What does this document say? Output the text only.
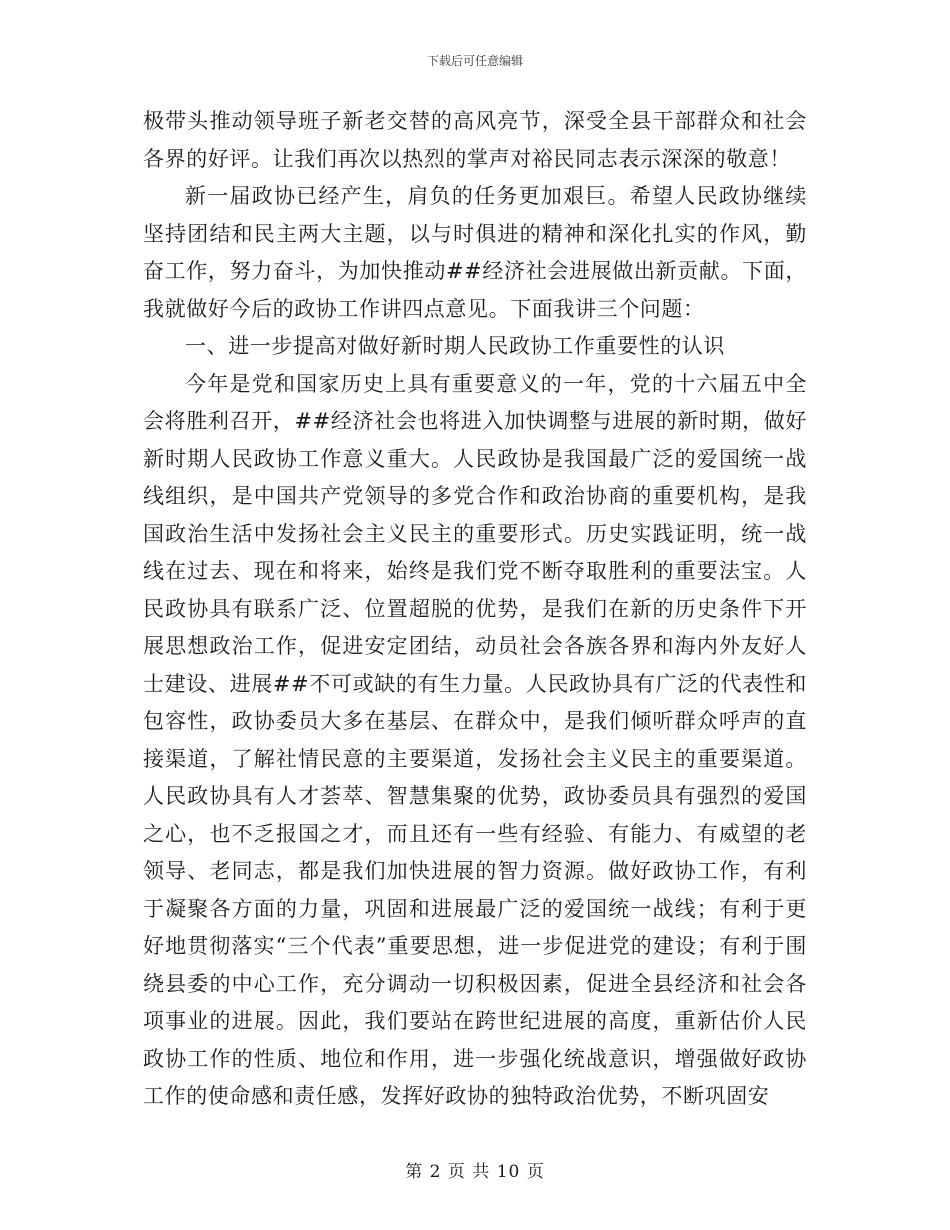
下载后可任意编辑

极带头推动领导班子新老交替的高风亮节，深受全县干部群众和社会各界的好评。让我们再次以热烈的掌声对裕民同志表示深深的敬意！

新一届政协已经产生，肩负的任务更加艰巨。希望人民政协继续坚持团结和民主两大主题，以与时俱进的精神和深化扎实的作风，勤奋工作，努力奋斗，为加快推动##经济社会进展做出新贡献。下面，我就做好今后的政协工作讲四点意见。下面我讲三个问题：

一、进一步提高对做好新时期人民政协工作重要性的认识

今年是党和国家历史上具有重要意义的一年，党的十六届五中全会将胜利召开，##经济社会也将进入加快调整与进展的新时期，做好新时期人民政协工作意义重大。人民政协是我国最广泛的爱国统一战线组织，是中国共产党领导的多党合作和政治协商的重要机构，是我国政治生活中发扬社会主义民主的重要形式。历史实践证明，统一战线在过去、现在和将来，始终是我们党不断夺取胜利的重要法宝。人民政协具有联系广泛、位置超脱的优势，是我们在新的历史条件下开展思想政治工作，促进安定团结，动员社会各族各界和海内外友好人士建设、进展##不可或缺的有生力量。人民政协具有广泛的代表性和包容性，政协委员大多在基层、在群众中，是我们倾听群众呼声的直接渠道，了解社情民意的主要渠道，发扬社会主义民主的重要渠道。人民政协具有人才荟萃、智慧集聚的优势，政协委员具有强烈的爱国之心，也不乏报国之才，而且还有一些有经验、有能力、有威望的老领导、老同志，都是我们加快进展的智力资源。做好政协工作，有利于凝聚各方面的力量，巩固和进展最广泛的爱国统一战线；有利于更好地贯彻落实“三个代表”重要思想，进一步促进党的建设；有利于围绕县委的中心工作，充分调动一切积极因素，促进全县经济和社会各项事业的进展。因此，我们要站在跨世纪进展的高度，重新估价人民政协工作的性质、地位和作用，进一步强化统战意识，增强做好政协工作的使命感和责任感，发挥好政协的独特政治优势，不断巩固安

第 2 页 共 10 页
